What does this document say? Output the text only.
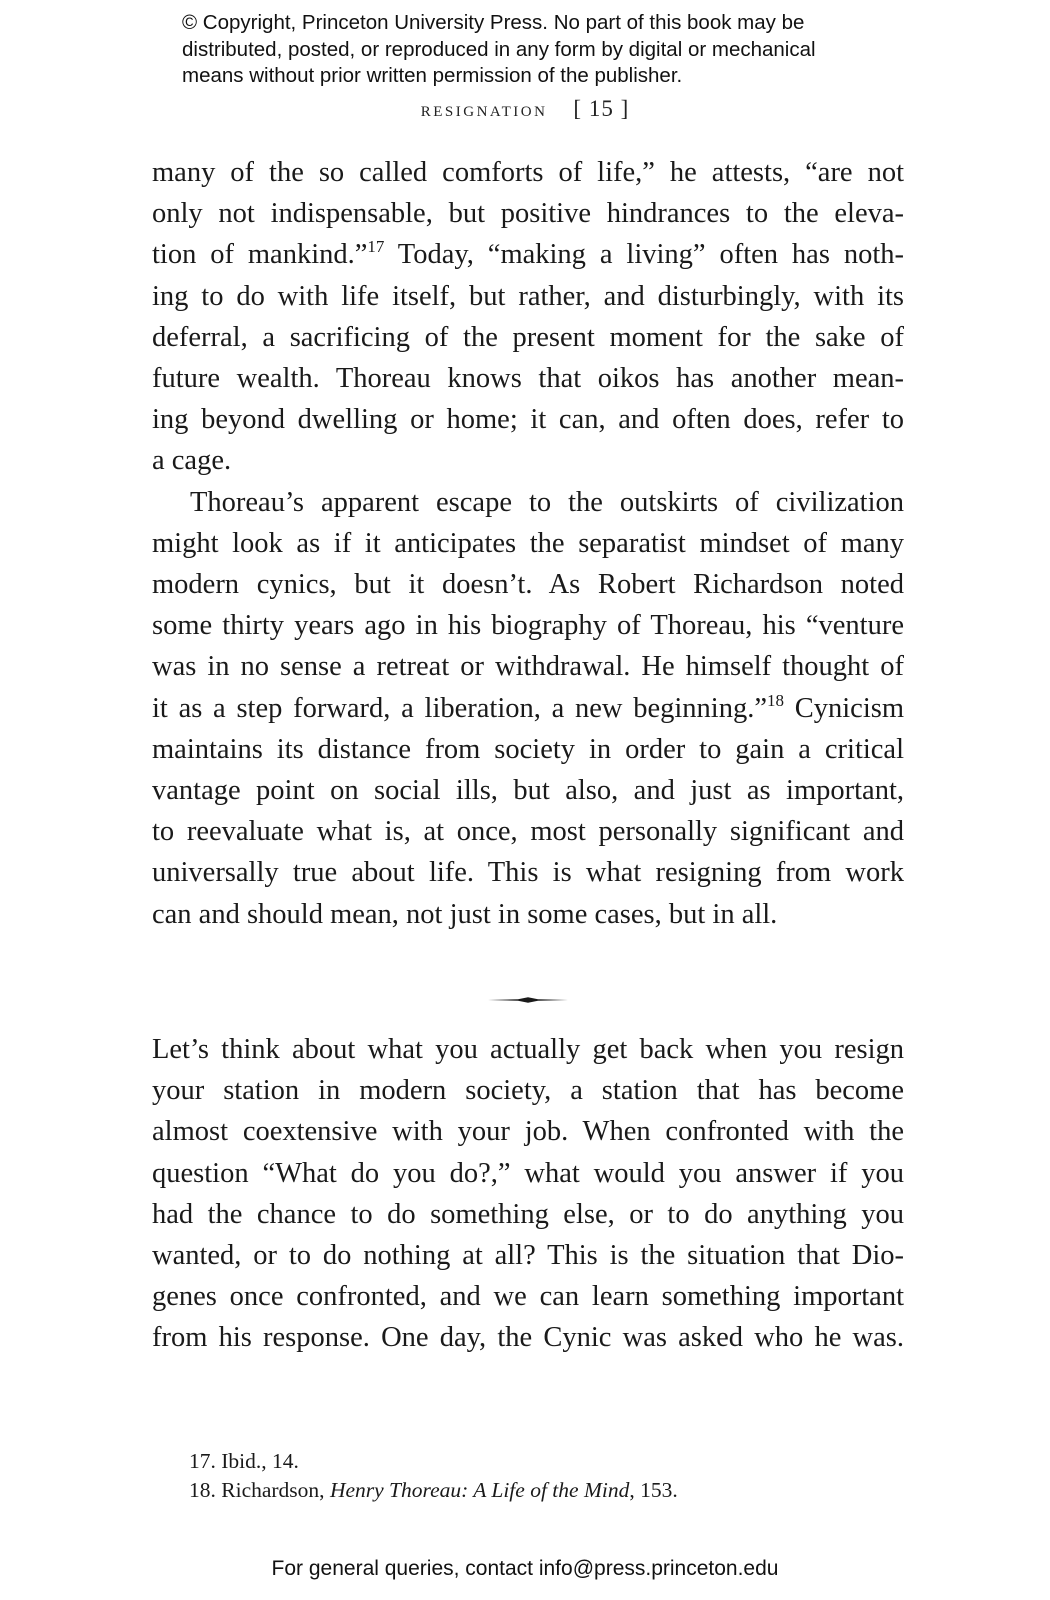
© Copyright, Princeton University Press. No part of this book may be
distributed, posted, or reproduced in any form by digital or mechanical
means without prior written permission of the publisher.
resignation [ 15 ]
many of the so called comforts of life,” he attests, “are not
only not indispensable, but positive hindrances to the eleva-
tion of mankind.”$^{17}$ Today, “making a living” often has noth-
ing to do with life itself, but rather, and disturbingly, with its
deferral, a sacrificing of the present moment for the sake of
future wealth. Thoreau knows that oikos has another mean-
ing beyond dwelling or home; it can, and often does, refer to
a cage.
Thoreau’s apparent escape to the outskirts of civilization
might look as if it anticipates the separatist mindset of many
modern cynics, but it doesn’t. As Robert Richardson noted
some thirty years ago in his biography of Thoreau, his “venture
was in no sense a retreat or withdrawal. He himself thought of
it as a step forward, a liberation, a new beginning.”$^{18}$ Cynicism
maintains its distance from society in order to gain a critical
vantage point on social ills, but also, and just as important,
to reevaluate what is, at once, most personally significant and
universally true about life. This is what resigning from work
can and should mean, not just in some cases, but in all.
Let’s think about what you actually get back when you resign
your station in modern society, a station that has become
almost coextensive with your job. When confronted with the
question “What do you do?,” what would you answer if you
had the chance to do something else, or to do anything you
wanted, or to do nothing at all? This is the situation that Dio-
genes once confronted, and we can learn something important
from his response. One day, the Cynic was asked who he was.
17. Ibid., 14.
18. Richardson, Henry Thoreau: A Life of the Mind, 153.
For general queries, contact info@press.princeton.edu
